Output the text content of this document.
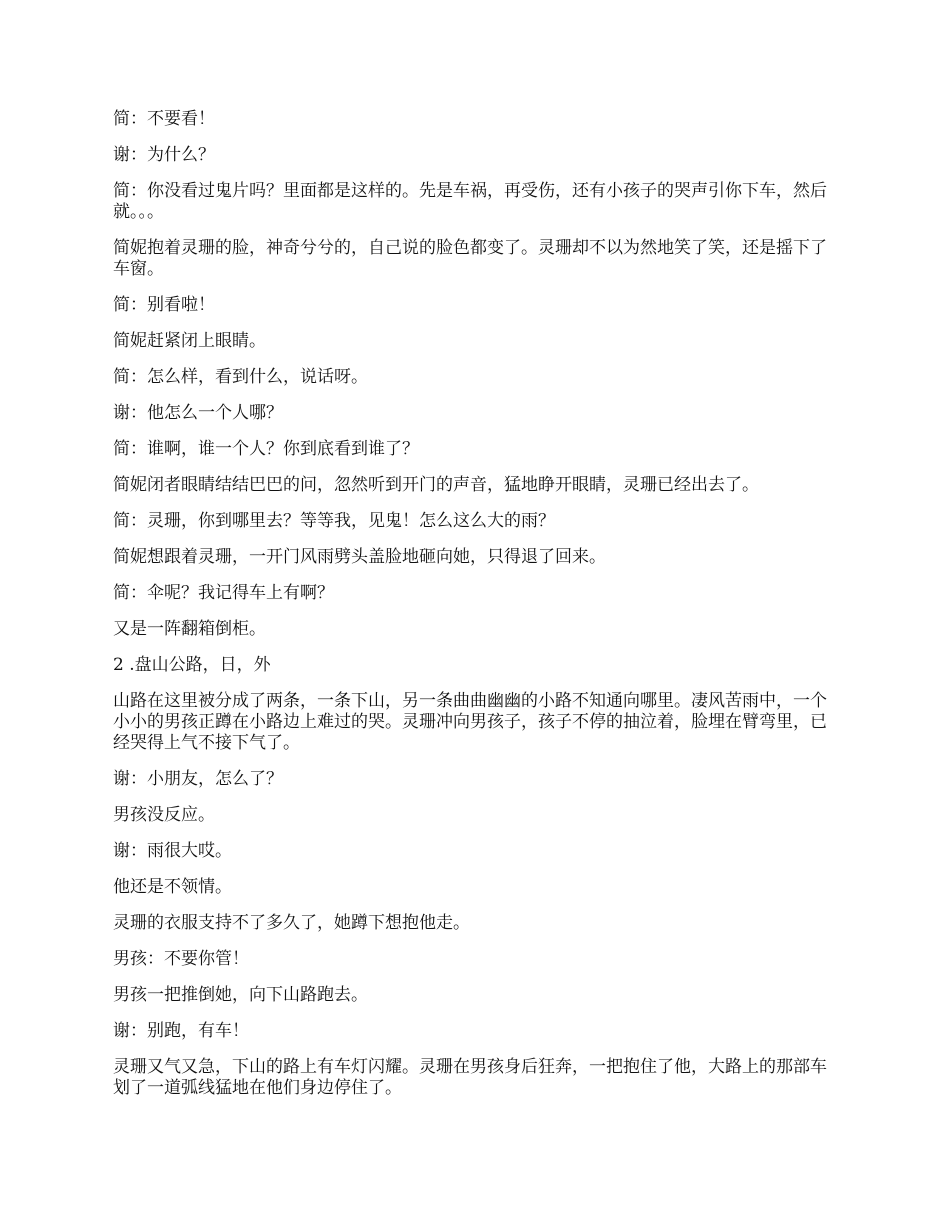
简：不要看！

谢：为什么？

简：你没看过鬼片吗？里面都是这样的。先是车祸，再受伤，还有小孩子的哭声引你下车，然后就。。。

简妮抱着灵珊的脸，神奇兮兮的，自己说的脸色都变了。灵珊却不以为然地笑了笑，还是摇下了车窗。

简：别看啦！

简妮赶紧闭上眼睛。

简：怎么样，看到什么，说话呀。

谢：他怎么一个人哪？

简：谁啊，谁一个人？你到底看到谁了？

简妮闭者眼睛结结巴巴的问，忽然听到开门的声音，猛地睁开眼睛，灵珊已经出去了。

简：灵珊，你到哪里去？等等我，见鬼！怎么这么大的雨？

简妮想跟着灵珊，一开门风雨劈头盖脸地砸向她，只得退了回来。

简：伞呢？我记得车上有啊？

又是一阵翻箱倒柜。

2 .盘山公路，日，外

山路在这里被分成了两条，一条下山，另一条曲曲幽幽的小路不知通向哪里。凄风苦雨中，一个小小的男孩正蹲在小路边上难过的哭。灵珊冲向男孩子，孩子不停的抽泣着，脸埋在臂弯里，已经哭得上气不接下气了。

谢：小朋友，怎么了？

男孩没反应。

谢：雨很大哎。

他还是不领情。

灵珊的衣服支持不了多久了，她蹲下想抱他走。

男孩：不要你管！

男孩一把推倒她，向下山路跑去。

谢：别跑，有车！

灵珊又气又急，下山的路上有车灯闪耀。灵珊在男孩身后狂奔，一把抱住了他，大路上的那部车划了一道弧线猛地在他们身边停住了。
